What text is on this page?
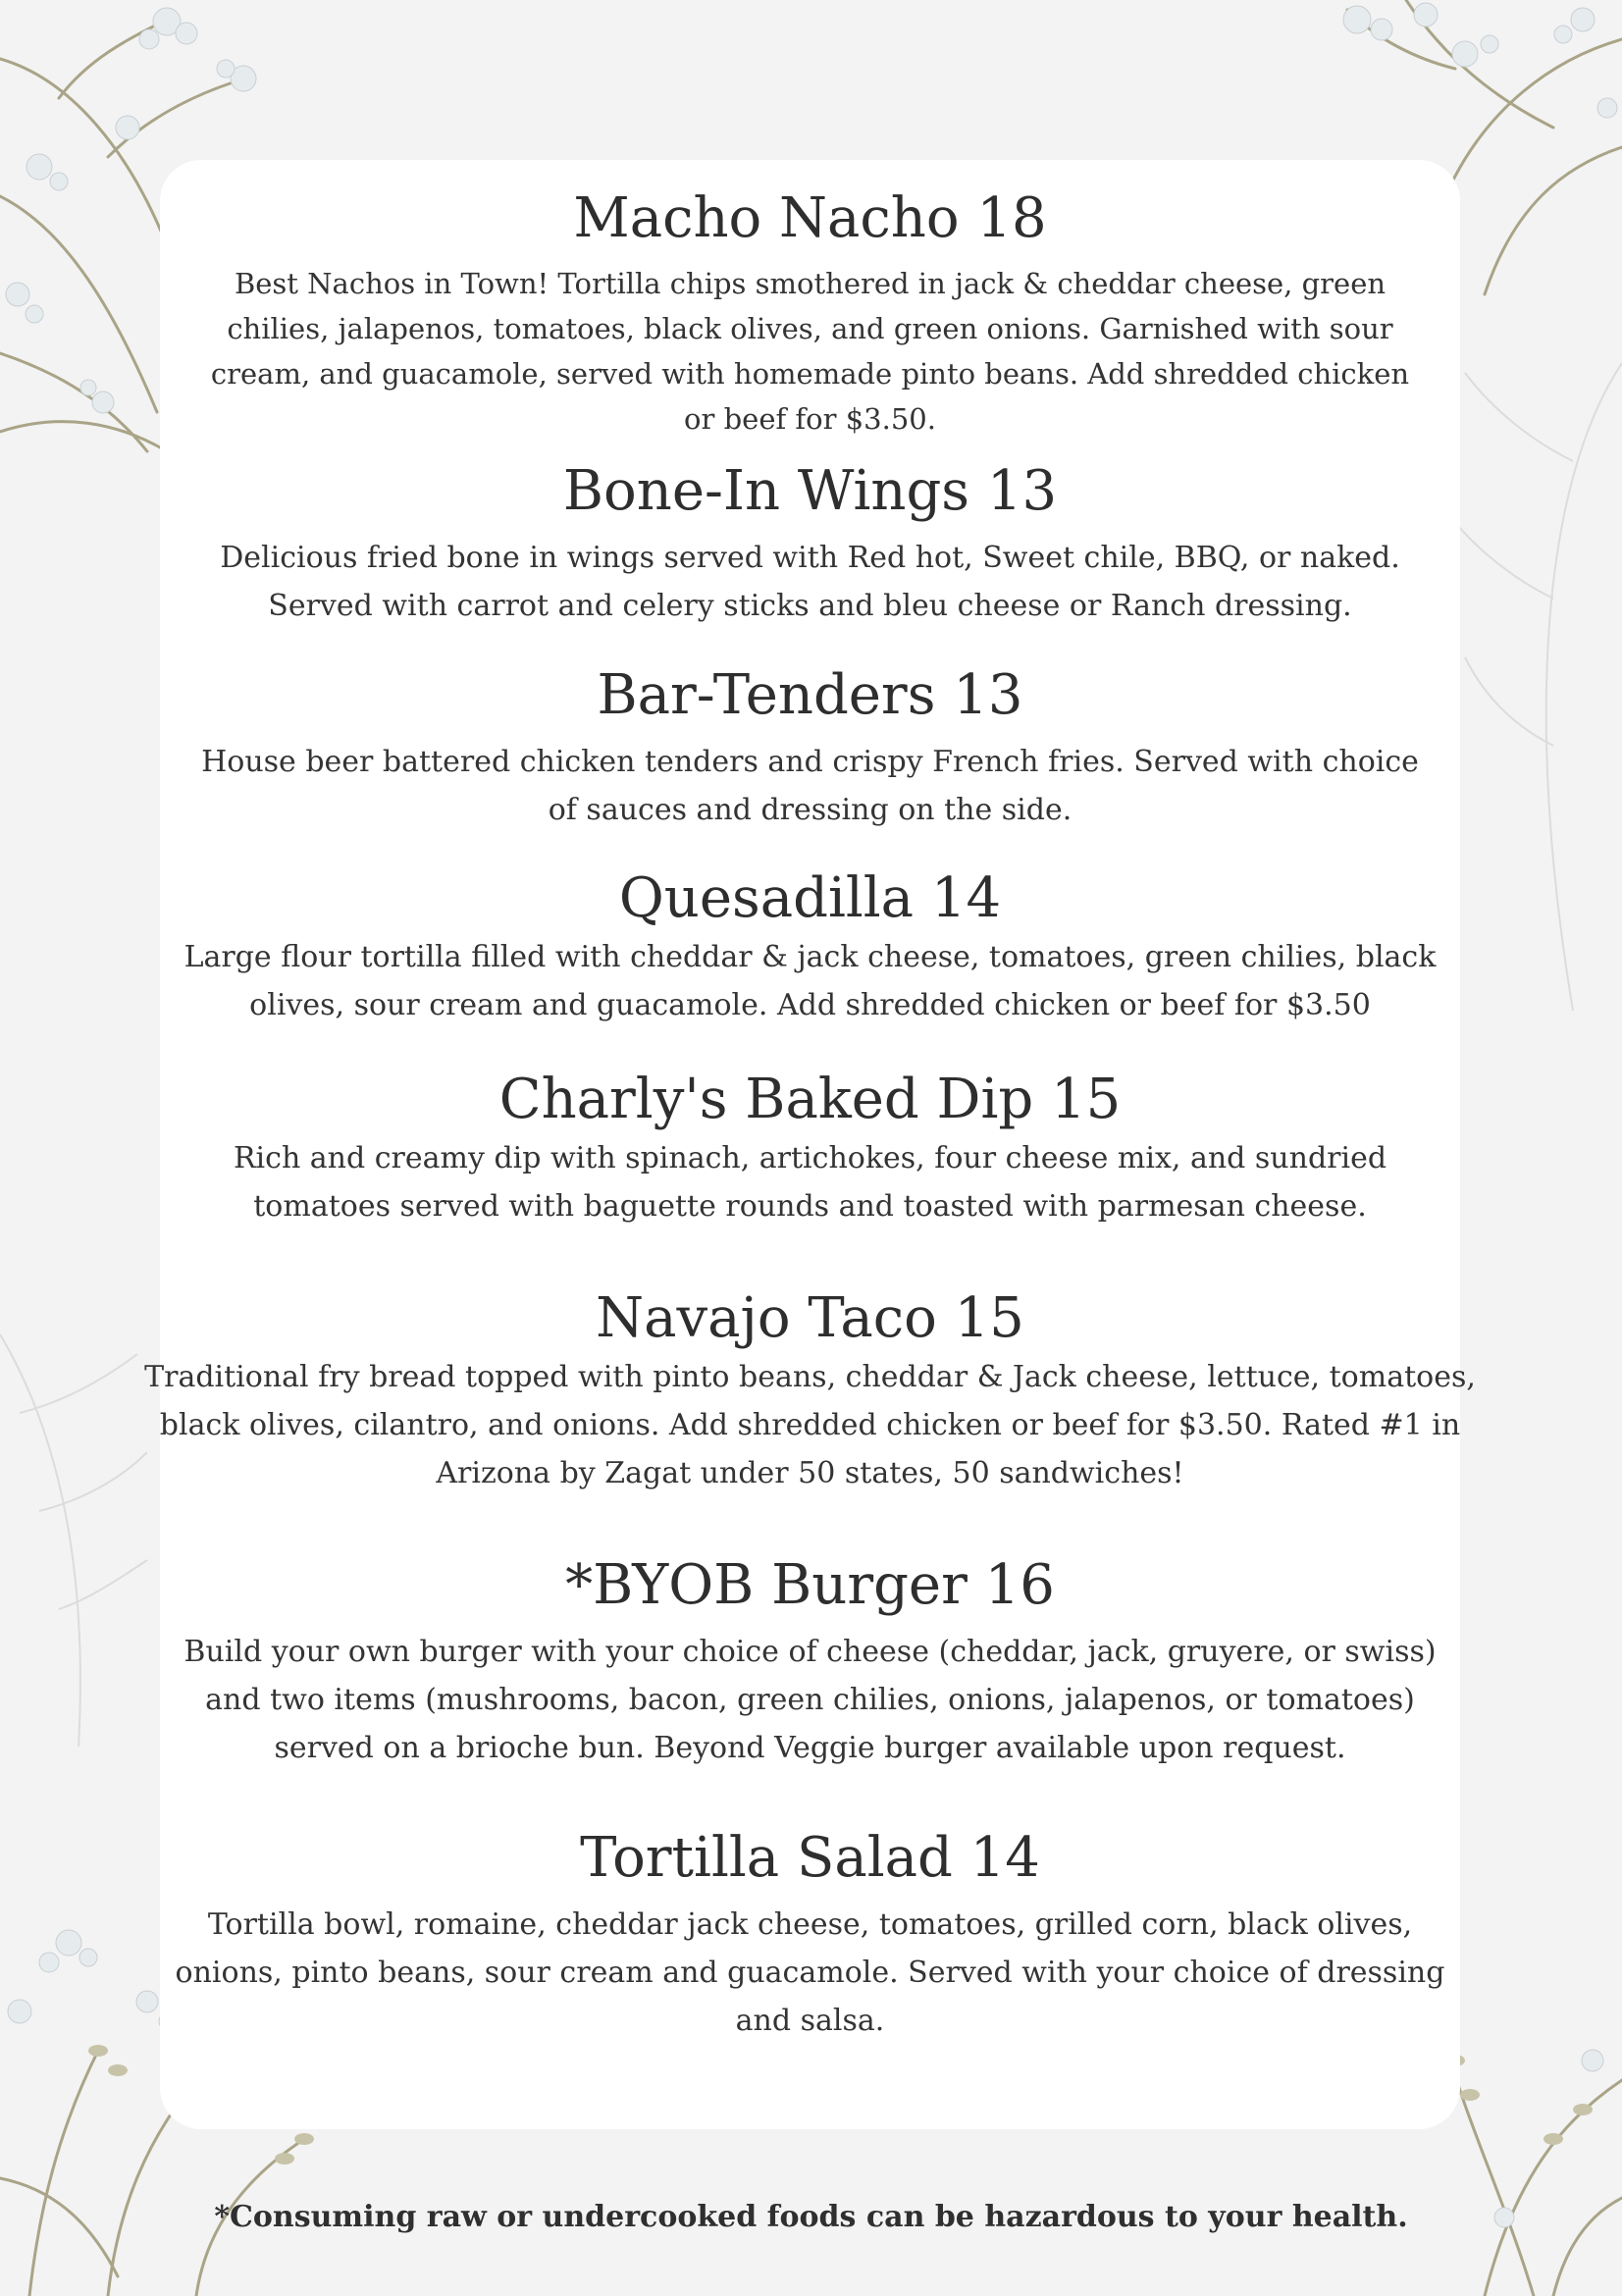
Macho Nacho 18

Best Nachos in Town! Tortilla chips smothered in jack & cheddar cheese, green chilies, jalapenos, tomatoes, black olives, and green onions. Garnished with sour cream, and guacamole, served with homemade pinto beans. Add shredded chicken or beef for $3.50.

Bone-In Wings 13

Delicious fried bone in wings served with Red hot, Sweet chile, BBQ, or naked. Served with carrot and celery sticks and bleu cheese or Ranch dressing.

Bar-Tenders 13

House beer battered chicken tenders and crispy French fries. Served with choice of sauces and dressing on the side.

Quesadilla 14

Large flour tortilla filled with cheddar & jack cheese, tomatoes, green chilies, black olives, sour cream and guacamole. Add shredded chicken or beef for $3.50

Charly's Baked Dip 15

Rich and creamy dip with spinach, artichokes, four cheese mix, and sundried tomatoes served with baguette rounds and toasted with parmesan cheese.

Navajo Taco 15

Traditional fry bread topped with pinto beans, cheddar & Jack cheese, lettuce, tomatoes, black olives, cilantro, and onions. Add shredded chicken or beef for $3.50. Rated #1 in Arizona by Zagat under 50 states, 50 sandwiches!

*BYOB Burger 16

Build your own burger with your choice of cheese (cheddar, jack, gruyere, or swiss) and two items (mushrooms, bacon, green chilies, onions, jalapenos, or tomatoes) served on a brioche bun. Beyond Veggie burger available upon request.

Tortilla Salad 14

Tortilla bowl, romaine, cheddar jack cheese, tomatoes, grilled corn, black olives, onions, pinto beans, sour cream and guacamole. Served with your choice of dressing and salsa.

*Consuming raw or undercooked foods can be hazardous to your health.
